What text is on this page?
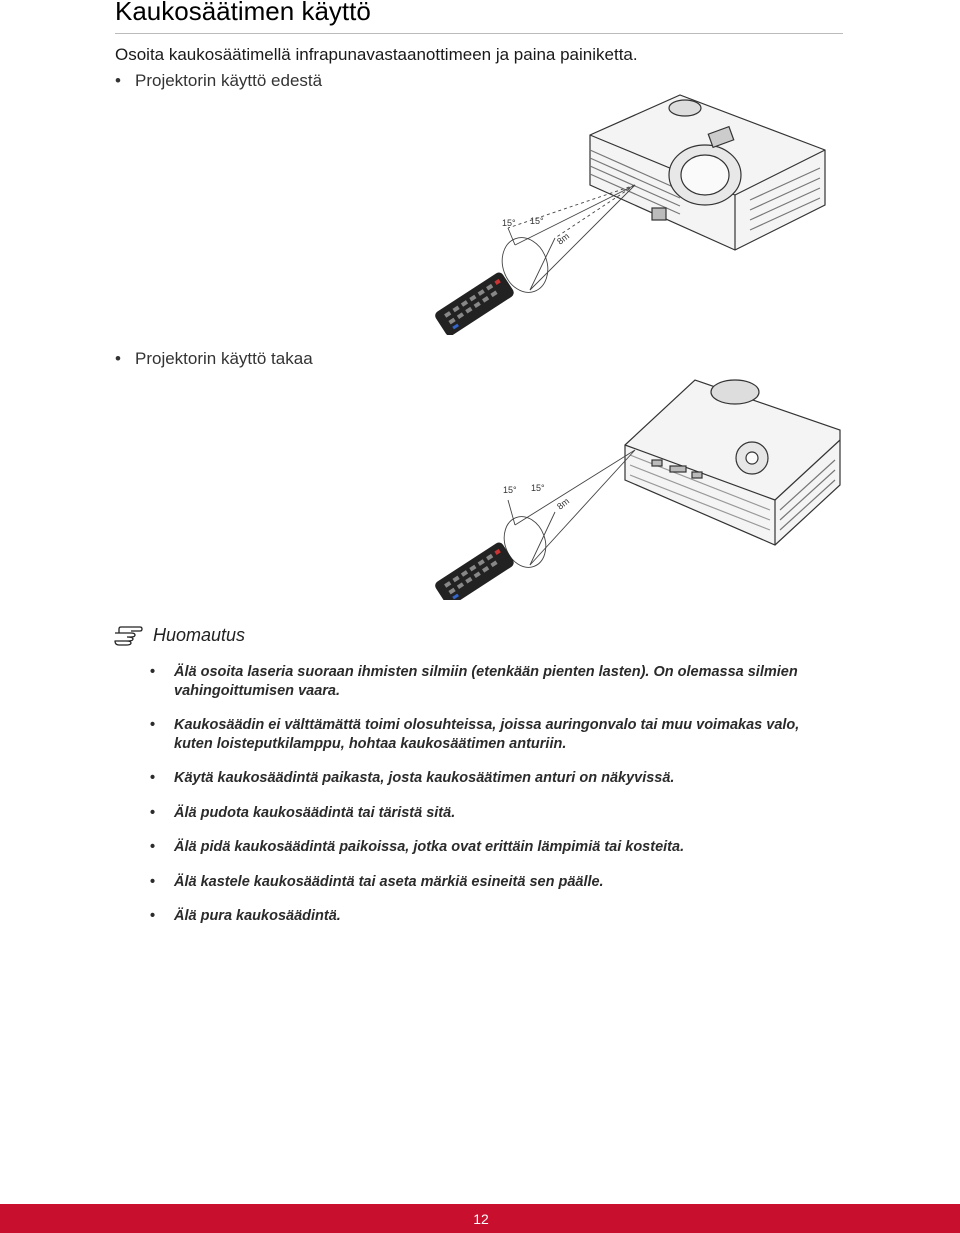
Kaukosäätimen käyttö

Osoita kaukosäätimellä infrapunavastaanottimeen ja paina painiketta.

• Projektorin käyttö edestä
15° 15°
8m
• Projektorin käyttö takaa
15° 15°
8m
Huomautus
• Älä osoita laseria suoraan ihmisten silmiin (etenkään pienten lasten). On olemassa silmien vahingoittumisen vaara.
• Kaukosäädin ei välttämättä toimi olosuhteissa, joissa auringonvalo tai muu voimakas valo, kuten loisteputkilamppu, hohtaa kaukosäätimen anturiin.
• Käytä kaukosäädintä paikasta, josta kaukosäätimen anturi on näkyvissä.
• Älä pudota kaukosäädintä tai täristä sitä.
• Älä pidä kaukosäädintä paikoissa, jotka ovat erittäin lämpimiä tai kosteita.
• Älä kastele kaukosäädintä tai aseta märkiä esineitä sen päälle.
• Älä pura kaukosäädintä.
12
